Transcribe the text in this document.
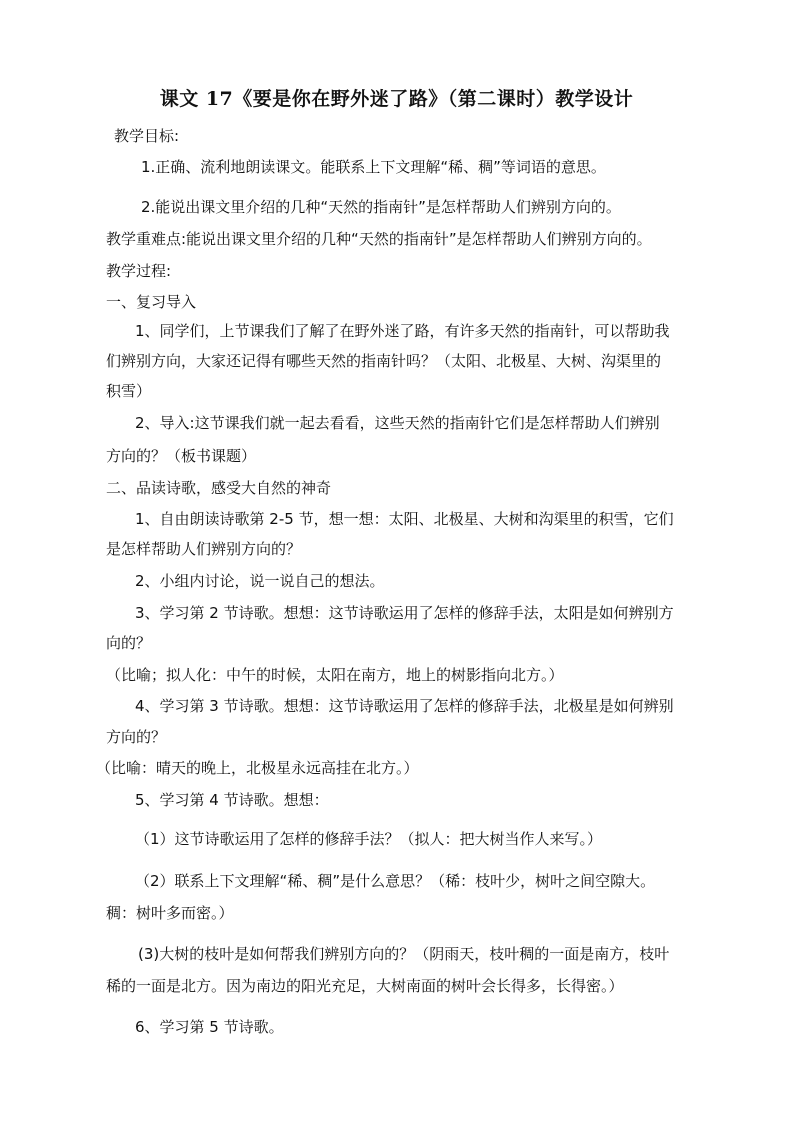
课文 17《要是你在野外迷了路》（第二课时）教学设计
教学目标:
1.正确、流利地朗读课文。能联系上下文理解“稀、稠”等词语的意思。
2.能说出课文里介绍的几种“天然的指南针”是怎样帮助人们辨别方向的。
教学重难点:能说出课文里介绍的几种“天然的指南针”是怎样帮助人们辨别方向的。
教学过程:
一、复习导入
1、同学们，上节课我们了解了在野外迷了路，有许多天然的指南针，可以帮助我
们辨别方向，大家还记得有哪些天然的指南针吗？（太阳、北极星、大树、沟渠里的
积雪）
2、导入:这节课我们就一起去看看，这些天然的指南针它们是怎样帮助人们辨别
方向的？（板书课题）
二、品读诗歌，感受大自然的神奇
1、自由朗读诗歌第 2-5 节，想一想：太阳、北极星、大树和沟渠里的积雪，它们
是怎样帮助人们辨别方向的？
2、小组内讨论，说一说自己的想法。
3、学习第 2 节诗歌。想想：这节诗歌运用了怎样的修辞手法，太阳是如何辨别方
向的？
（比喻；拟人化：中午的时候，太阳在南方，地上的树影指向北方。）
4、学习第 3 节诗歌。想想：这节诗歌运用了怎样的修辞手法，北极星是如何辨别
方向的？
（比喻：晴天的晚上，北极星永远高挂在北方。）
5、学习第 4 节诗歌。想想：
（1）这节诗歌运用了怎样的修辞手法？（拟人：把大树当作人来写。）
（2）联系上下文理解“稀、稠”是什么意思？（稀：枝叶少，树叶之间空隙大。
稠：树叶多而密。）
(3)大树的枝叶是如何帮我们辨别方向的？（阴雨天，枝叶稠的一面是南方，枝叶
稀的一面是北方。因为南边的阳光充足，大树南面的树叶会长得多，长得密。）
6、学习第 5 节诗歌。
